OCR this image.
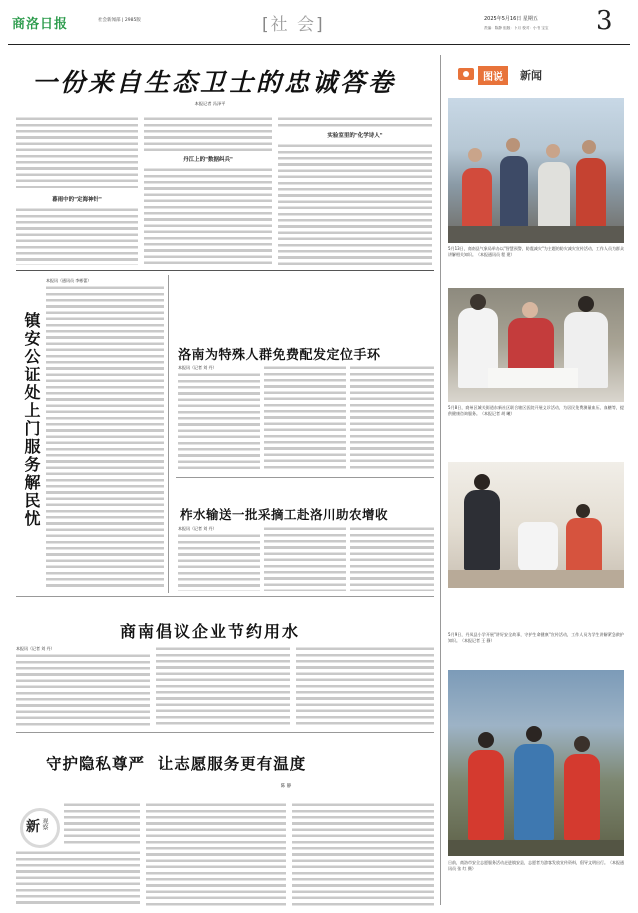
商洛日报	社会新闻部 | 2985版	[社 会]	2025年5月16日 星期五
责编：陈静 组版：卜月 校对：小书 宝宝 3
一份来自生态卫士的忠诚答卷
本报记者 冯泽平
暮雨中的"定海神针"
丹江上的"数据纠兵"
实验室里的"化学诗人"
图说	新闻
5月13日，商南县气象局举办以"智慧预警，防震减灾"为主题的防灾减灾宣传活动，工作人员为群众讲解相关知识。（本报通讯员 程 建）
5月8日，商州区城关街道东新社区联合辖区医院开展义诊活动，为居民免费测量血压、血糖等，提供健康咨询服务。（本报记者 胡 曦）
5月9日，丹凤县小学开展"讲好安全故事，守护生命健康"宣传活动，工作人员为学生讲解紧急救护知识。（本报记者 王 静）
日前，商洛市安全志愿服务活动走进镇安县，志愿者为游客发放宣传资料，倡导文明出行。（本报通讯员 张 红 摄）
镇安公证处上门服务解民忧
本报讯（通讯员 李彬蕾）
洛南为特殊人群免费配发定位手环
本报讯（记者 刘 丹）
柞水输送一批采摘工赴洛川助农增收
本报讯（记者 刘 丹）
商南倡议企业节约用水
本报讯（记者 刘 丹）
守护隐私尊严  让志愿服务更有温度
陈 静
新 观察
